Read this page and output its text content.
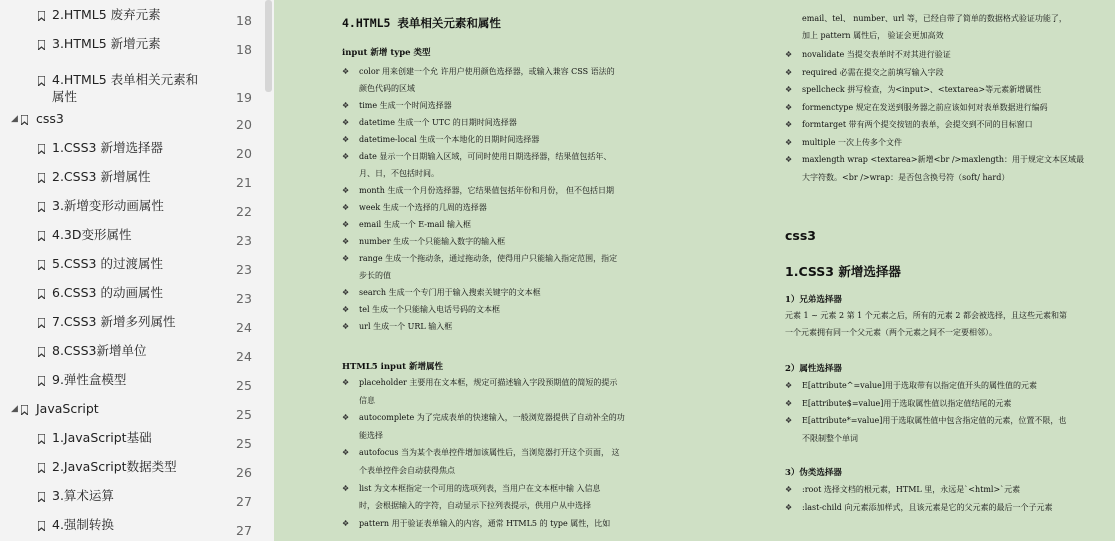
2.HTML5 废弃元素	18
3.HTML5 新增元素	18
4.HTML5 表单相关元素和属性	19
◢ css3	20
1.CSS3 新增选择器	20
2.CSS3 新增属性	21
3.新增变形动画属性	22
4.3D变形属性	23
5.CSS3 的过渡属性	23
6.CSS3 的动画属性	23
7.CSS3 新增多列属性	24
8.CSS3新增单位	24
9.弹性盒模型	25
◢ JavaScript	25
1.JavaScript基础	25
2.JavaScript数据类型	26
3.算术运算	27
4.强制转换	27
4.HTML5 表单相关元素和属性
input 新增 type 类型
❖ color 用来创建一个允 许用户使用颜色选择器，或输入兼容 CSS 语法的
颜色代码的区域
❖ time 生成一个时间选择器
❖ datetime 生成一个 UTC 的日期时间选择器
❖ datetime-local 生成一个本地化的日期时间选择器
❖ date 显示一个日期输入区域，可同时使用日期选择器，结果值包括年、
月、日，不包括时间。
❖ month 生成一个月份选择器，它结果值包括年份和月份， 但不包括日期
❖ week 生成一个选择的几周的选择器
❖ email 生成一个 E-mail 输入框
❖ number 生成一个只能输入数字的输入框
❖ range 生成一个拖动条，通过拖动条，使得用户只能输入指定范围，指定
步长的值
❖ search 生成一个专门用于输入搜索关键字的文本框
❖ tel 生成一个只能输入电话号码的文本框
❖ url 生成一个 URL 输入框
HTML5 input 新增属性
❖ placeholder 主要用在文本框，规定可描述输入字段预期值的简短的提示
信息
❖ autocomplete 为了完成表单的快速输入，一般浏览器提供了自动补全的功
能选择
❖ autofocus 当为某个表单控件增加该属性后，当浏览器打开这个页面， 这
个表单控件会自动获得焦点
❖ list 为文本框指定一个可用的选项列表，当用户在文本框中输 入信息
时，会根据输入的字符，自动显示下拉列表提示，供用户从中选择
❖ pattern 用于验证表单输入的内容，通常 HTML5 的 type 属性，比如
email、tel、 number、url 等，已经自带了简单的数据格式验证功能了，
加上 pattern 属性后， 验证会更加高效
❖ novalidate 当提交表单时不对其进行验证
❖ required 必需在提交之前填写输入字段
❖ spellcheck 拼写检查，为<input>、<textarea>等元素新增属性
❖ formenctype 规定在发送到服务器之前应该如何对表单数据进行编码
❖ formtarget 带有两个提交按钮的表单，会提交到不同的目标窗口
❖ multiple 一次上传多个文件
❖ maxlength wrap <textarea>新增<br />maxlength：用于规定文本区域最
大字符数。<br />wrap：是否包含换号符（soft/ hard）
css3
1.CSS3 新增选择器
1）兄弟选择器
元素 1 ~ 元素 2 第 1 个元素之后，所有的元素 2 都会被选择，且这些元素和第
一个元素拥有同一个父元素（两个元素之间不一定要相邻）。
2）属性选择器
❖ E[attribute^=value]用于选取带有以指定值开头的属性值的元素
❖ E[attribute$=value]用于选取属性值以指定值结尾的元素
❖ E[attribute*=value]用于选取属性值中包含指定值的元素，位置不限，也
不限制整个单词
3）伪类选择器
❖ :root 选择文档的根元素，HTML 里，永远是`<html>`元素
❖ :last-child 向元素添加样式，且该元素是它的父元素的最后一个子元素
